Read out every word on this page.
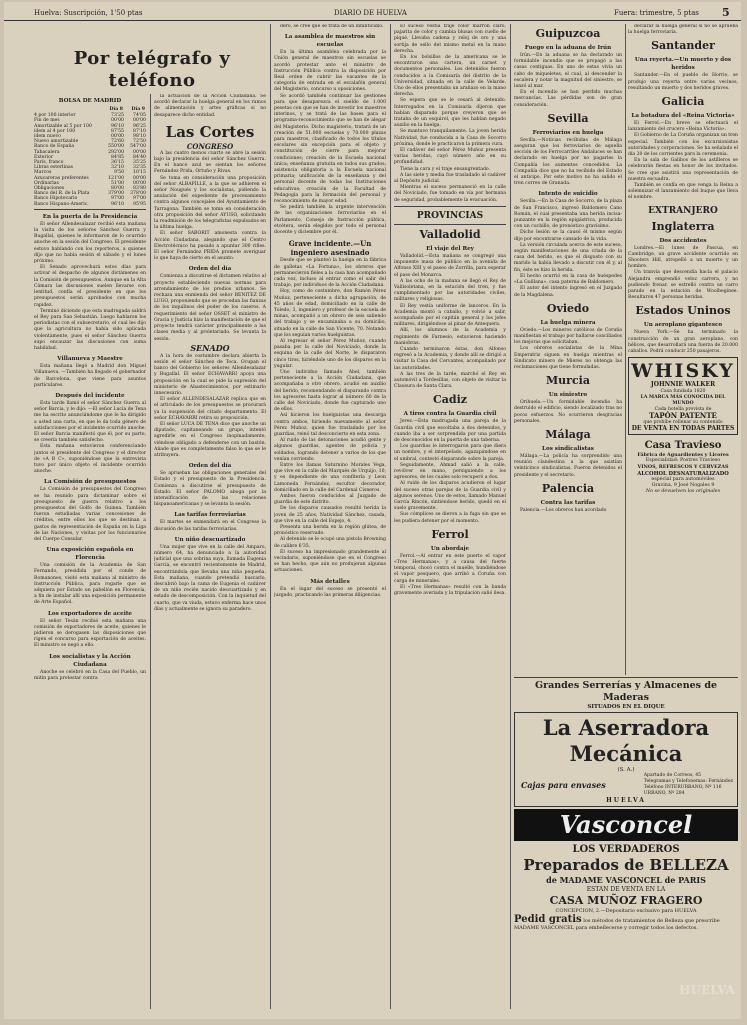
Huelva: Suscripción, 1'50 ptas	DIARIO DE HUELVA	Fuera: trimestre, 5 ptas 5
Por telégrafo y teléfono
BOLSA DE MADRID
	Día 8	Día 9
4 por 100 interior	73'25	74'05
Fin de mes	00'00	00'00
Amortizable al 5 por 100	96'10	96'25
ídem al 4 por 100	87'55	87'10
ídem nuevo	00'00	98'10
Nuevo amortizable	72'60	72'50
Banco de España	550'00	547'00
Tabacalera	292'00	00'00
Exterior	84'85	84'40
París, franco	36'15	35'25
Libras esterlinas	32'10	32'35
Marcos	9'50	10'15
Azucareras preferentes	121'00	00'00
Ordinarias	51'00	00'00
Obligaciones	80'00	83'80
Banco del R. de la Plata	379'00	378'00
Banco Hipotecario	97'00	97'00
Banco Hispano-Americ.	96'10	95'95
En la puerta de la Presidencia

El señor Allendesalazar recibió esta mañana la visita de los señores Sánchez Guerra y Bugallal, quienes le informaron de lo ocurrido anoche en la sesión del Congreso. El presidente estuvo hablando con los reporteros, a quienes dijo que no había sesión el sábado y el lunes próximo.

El Senado aprovechará estos días para activar el despacho de algunos dictámenes en la Comisión de presupuestos. Aunque en la Alta Cámara las discusiones suelen llevarse con lentitud, confía el presidente en que los presupuestos serán aprobados con mucha rapidez.

Terminó diciendo que esta madrugada saldrá el Rey para San Sebastián. Luego hablaron los periodistas con el subsecretario, el cual les dijo que la agricultura no había sido aplicada violentamente, pues el señor Sánchez Guerra supo encauzar las discusiones con suma habilidad.

Villanueva y Maestre

Esta mañana llegó a Madrid don Miguel Villanueva. —También ha llegado el gobernador de Barcelona, que viene para asuntos particulares.

Después del incidente

Esta tarde llamó el señor Sánchez Guerra al señor Barcia, y le dijo: —El señor Lucía de Tena me ha escrito anunciándome que le ha dirigido a usted una carta, en que le da toda género de satisfacciones por el incidente ocurrido anoche. El señor Barcia manifestó que él, por su parte, se creería también satisfecho.

Esta mañana estuvieron conferenciando juntos el presidente del Congreso y el director de «A B C», suponiéndose que la entrevista tuvo por único objeto el incidente ocurrido anoche.

La Comisión de presupuestos

La Comisión de presupuestos del Congreso se ha reunido para dictaminar sobre el presupuesto de guerra relativo a los presupuestos del Golfo de Guinea. También fueron estudiadas varias concesiones de créditos, entre ellos los que se destinan a gastos de representación de España en la Liga de las Naciones, y visitas por los funcionarios del Cuerpo Consular.

Una exposición española en Florencia

Una comisión de la Academia de San Fernando, presidida por el conde de Romanones, visitó esta mañana al ministro de Instrucción Pública, para rogarle que se adquiera por Estado un pabellón en Florencia, a fin de instalar allí una exposición permanente de Arte Español.

Los exportadores de aceite

El señor Tesán recibió esta mañana una comisión de exportadores de aceite, quienes le pidieron se derogasen las disposiciones que rigen el concurso para exportación de aceites. El ministro se negó a ello.

Los socialistas y la Acción Ciudadana

Anoche se celebró en la Casa del Pueblo, un mitin para protestar contra

la actuación de la Acción Ciudadana. Se acordó declarar la huelga general en los ramos de alimentación y artes gráficas si no desaparece dicho entidad.

Las Cortes
CONGRESO

A las cuatro menos cuarto se abre la sesión bajo la presidencia del señor Sánchez Guerra. En el banco azul se sientan los señores Fernández Prida, Ortuño y Rivas.

Se toma en consideración una proposición del señor ALBAPILLE, a la que se adhieren el señor Nougués y los socialistas, pidiendo la anulación del expediente de procesamiento contra algunos concejales del Ayuntamiento de Tarragona. También se toma en consideración otra proposición del señor AYUSO, solicitando la readmisión de los telegrafistas expulsados en la última huelga.

El señor SABORIT amonesta contra la Acción Ciudadana, alegando que el Centro Electrotécnico ha pasado a apuntar 300 rifles. El señor Fernández PRIDA promete averiguar lo que haya de cierto en el asunto.

Orden del día

Comienza a discutirse el dictamen relativo al proyecto estableciendo nuevas normas para arrendamiento de los predios urbanos. Se rechaza una enmienda del señor BENITEZ DE LUGO, proponiendo que se procedan las fianzas de los inquilinos del poder de los caseros. A requerimiento del señor OSSET el ministro de Gracia y Justicia hizo la manifestación de que el proyecto tendrá carácter principalmente a las clases media y al proletariado. Se levanta la sesión.

SENADO

A la hora de costumbre declara abierta la sesión el señor Sánchez de Toca. Ocupan el banco del Gobierno los señores Allendesalazar y Bugallal. El señor ECHAVARRI apoya una proposición en la cual se pide la supresión del ministerio de Abastecimientos, por estimarlo innecesario.

El señor ALLENDESALAZAR replica que en el articulado de los presupuestos se procurará ya la suspensión del citado departamento. El señor ECHAVARRI retira su proposición.

El señor LUCA DE TENA dice que anoche un diputado, capitaneando un grupo, intentó agredirle en el Congreso inopinadamente, viéndose obligado a defenderse con un bastón. Añade que es completamente falso lo que se le atribuyera.

Orden del día

Se aprueban las obligaciones generales del Estado y el presupuesto de la Presidencia. Comienza a discutirse el presupuesto de Estado. El señor PALOMO aboga por la intensificación de las relaciones hispanoamericanas y se levanta la sesión.

Las tarifas ferroviarias

El martes se enmendará en el Congreso la discusión de las tarifas ferroviarias.

Un niño descuartizado

Una mujer que vive en la calle del Amparo, número 64, ha denunciado a la autoridad judicial que una sobrina suya, llamada Eugenia García, se encontró recientemente de Madrid, encontrándola que llevaba una niña pequeña. Esta mañana, cuando pretendió buscarlo, descubrió bajo la cama de Eugenia el cadáver de un niño recién nacido descuartizado y en estado de descomposición. Con la inquietud del cuarto, que va viuda, estuvo enferma hace unos días y actualmente se ignora su paradero.

dero, se cree que se trata de un infanticidio.

La asamblea de maestros sin escuelas

En la última asamblea celebrada por la Unión general de maestros sin escuelas se acordó protestar ante el ministro de Instrucción Pública contra la disposición por Real orden de cubrir las vacantes de la categoría de entrada en el escalafón general del Magisterio, concurso u oposiciones.

Se acordó también continuar las gestiones para que desaparezca el sueldo de 1.000 pesetas con que se han de investir los maestros interinos, y se tratá de las bases para el programa-reconocimiento que se han de alegar del Magisterio. Dicho magisterio, tratará de un creación de 51.000 escuelas y 70.000 plazas para maestros, clasificado de todos los títulos escolares sin excepción para el objeto y constitución de cierre para mejorar condiciones; creación de la Escuela nacional única; enseñanza gratuita en todos sus grados; asistencia obligatoria a la Escuela nacional primaria; unificación de la enseñanza y del personal docente de todas las Instituciones educativas; creación de la Facultad de Pedagogía para la formación del personal y reconocimiento de mayor edad.

Se pedirá también la urgente intervención de las organizaciones ferroviarias en el Parlamento, Consejo de Instrucción pública, etcétera, serán elegidos por todo el personal docente y diciembre por él.

Grave incidente.—Un ingeniero asesinado

Desde que se planteó la huelga en la fábrica de galletas «La Fortuna», los obreros que permanecieron fieles a la casa han acompañado cada vez, incluso al entrar como el salir del trabajo, por individuos de la Acción Ciudadana.

Hoy, como de costumbre, don Ramón Pérez Muñoz, perteneciente a dicha agrupación, de 45 años de edad, domiciliado en la calle de Toledo, 3, ingeniero y profesor de la escuela de minas, acompañó a un obrero de seis saliendo del trabajo y se encaminaba a su domicilio, situado en la calle de San Vicente, 70. Notando que los seguían varios huelguistas.

Al regresar el señor Pérez Muñoz, cuando pasaba por la calle del Noviciado, donde la esquina de la calle del Norte, le dispararon cinco tiros, hiriéndole uno de los disparos en la yugular.

Uno individuo llamado Abel, también perteneciente a la Acción Ciudadana, que acompañaba a otro obrero, acudió en auxilio del herido, recomendando el disparando contra los agresores hasta lograr al número 60 de la calle del Noviciado, donde fue capturado uno de ellos.

Así hicieron los huelguistas una descarga contra ambos, hiriendo nuevamente al señor Pérez Muñoz, quien fue trasladado por los guardias, reinó tal desconcierto en esta zona.

Al ruido de las detonaciones acudió gente y algunos guardias, agentes de policía y soldados, logrando detener a varios de los que venían corriendo.

Entre los llamas Saturnino Morales Vega, que vive en la calle del Marqués de Urquijo, 10, y es dependiente de una confitería y Leon Lamoneda Fernández, escultor decorador, domiciliado en la calle del Cardenal Cisneros.

Ambos fueron conducidos al Juzgado de guardia de este distrito.

De los disparos causados resultó herida la joven de 25 años, Natividad Sánchez, casada, que vive en la calle del Espejo, 4.

Presenta una herida en la región glútea, de pronóstico reservado.

Al detenido se le ocupó una pistola Browning de calibre 6'35.

El suceso ha impresionado grandemente al vecindario, suponiéndose que en el Congreso se han hecho, que aún no produjeran algunas actuaciones.

Más detalles

En el lugar del suceso se presentó el juzgado, practicando las primeras diligencias.

El suceso vestía traje color marrón claro, pajarita de color y cambia blusas con cuello de piqué. Llevaba cadena y reloj de oro y una sortija de sello del mismo metal en la mano derecha.

En los bolsillos de la americana se le encontraron una cartera, un carnet y documentos personales. Los detenidos fueron conducidos a la Comisaría del distrito de la Universidad, situada en la calle de Velarde. Uno de ellos presentaba un arañazo en la mano derecha.

Se espera que se le cesará al detenido. Interrogados en la Comisaría dijeron que habían disparado porque creyeron que se trataba de un esquirol, que les habían negado auxilio en la huelga.

Se mantuvo tranquilamente. La joven herida Natividad, fue conducida a la Casa de Socorro próxima, donde le practicaron la primera cura.

El cadáver del señor Pérez Muñoz presenta varias heridas, cayó número año en su profundidad.

Tiene la cara y el traje ensangrentado.

A las siete y media fue trasladado al cadáver al Depósito judicial.

Mientras el suceso permaneció en la calle del Noviciado, fue tomado en vía por hermana de seguridad, probablemente la evacuación.

PROVINCIAS
Valladolid
El viaje del Rey

Valladolid.—Esta mañana se congregó una imponente masa de público en la avenida de Alfonso XIII y el paseo de Zorrilla, para esperar el paso del Monarca.

A las ocho de la mañana se llegó el Rey de Vallisoletana, en la estación del tren, y fue cumplimentado por las autoridades civiles, militares y religiosas.

El Rey vestía uniforme de lanceros. En la Academia montó a caballo, y volvió a salir, acompañado por el capitán general y los jefes militares, dirigiéndose al pinar de Antequera.

Allí, los alumnos de la Academia y regimiento de Farnesio, estuvieron haciendo maniobras.

Cuando terminaron éstas, don Alfonso regresó a la Academia, y donde allí se dirigió a visitar la Casa del Cervantes, acompañado por las autoridades.

A las tres de la tarde, marchó el Rey en automóvil a Tordesillas, con objeto de visitar la Clausura de Santa Clara.

Cadiz
A tiros contra la Guardia civil

Jerez.—Esta madrugada una pareja de la Guardia civil que escoltaba a dos detenidos, y cuando iba a ser sorprendida por una partida de desconocidos en la puerta de una taberna.

Los guardias le interrogaron para que diera un nombre, y el interpelado, agazapándose en el umbral, contestó disparando sobre la pareja.

Seguidamente, Ahmad salió a la calle, revólver en mano, persiguiendo a los agresores, de los cuales solo recuperó a dos.

Al ruido de los disparos acudieron el lugar del suceso otras parejas de la Guardia civil y algunos serenos. Uno de estos, llamado Manuel García Rincón, sintiéndose herido, quedó en el suelo gravemente.

Sus cómplices se dieron a la fuga sin que se les pudiera detener por el momento.

Ferrol
Un abordaje

Ferrol.—Al entrar en este puerto el vapor «Tres Hermanas», y a causa del fuerte temporal, chocó contra el muelle, hundiéndose el vapor pesquero, que arribó a Coruña con carga de minerales.

El «Tres Hermanas» resultó con la banda gravemente averiada y la tripulación salió ilesa.

Guipuzcoa
Fuego en la aduana de Irún

Irún.—En la aduana se ha declarado un formidable incendio que se propagó a las casas contiguas. En uno de estas vivía un cabo de miqueletes, el cual, al descender la escalera y notar la magnitud del siniestro, se lanzó al mar.

En el incendio se han perdido muchas mercancías. Las pérdidas son de gran consideración.

Sevilla
Ferroviarios en huelga

Sevilla.—Noticias recibidas de Málaga aseguran que los ferroviarios de aquella sección de los Ferrocarriles Andaluces se han declarado en huelga por no pagarles la Compañía los aumentos concedidos. La Compañía dice que no ha recibido del Estado el anticipo. Por este motivo no ha salido el tren correo de Granada.

Intento de suicidio

Sevilla.—En la Casa de Socorro, de la plaza de San Francisco, ingresó Baldomero Cano Román, el cual presentaba una herida incisa-punzante en la región epigástrica, producida con un cuchillo, de pronóstico gravísimo.

Dicho lesión se la causó él mismo según dijo por encontrarse cansado de la vida.

La versión circulada acerca de este suceso, según manifestaciones de una criada de la casa del herido, es que el disgusto con su marido la había llevado a discutir con él y, al fin, éste se hizo la herida.

El hecho ocurrió en la casa de huéspedes «La Guillana», casa paterna de Baldomero.

El autor del intento ingresó en el Juzgado de la Magdalena.

Oviedo
La huelga minera

Oviedo.—Los mineros católicos de Coruña manifiestan el trabajo por hallarse conciliados los mejoras que solicitaban.

Los obreros socialistas de la Mina Emperatriz siguen en huelga mientras el Sindicato minero de Mieres no obtenga las reclamaciones que tiene formuladas.

Murcia
Un siniestro

Orihuela.—Un formidable incendio ha destruido el edificio, siendo localizado tras no pocos esfuerzos. No ocurrieron desgracias personales.

Málaga
Los sindicalistas

Málaga.—La policía ha sorprendido una reunión clandestina a la que asistían veinticinco sindicalistas. Fueron detenidos el presidente y el secretario.

Palencia
Contra las tarifas

Palencia.—Los obreros han acordado

declarar la huelga general si no se aprueba la huelga ferroviaria.

Santander
Una reyerta.—Un muerto y dos heridos

Santander.—En el pueblo de Horrio, se produjo una reyerta entre varios vecinos, resultando un muerto y dos heridos graves.

Galicia
La botadura del «Reina Victoria»

El Ferrol.—En breve se efectuará el lanzamiento del crucero «Reina Victoria».

El Gobierno de La Coruña organizan un tren especial. También con los excursionistas autoridades y corporaciones. Se ha señalado el día 20 de los corrientes para la ceremonia.

En la sala de Galibos de los astilleros se celebrarán fiestas en honor de los invitados. Se cree que asistirá una representación de nuestra escuadra.

También se confía en que venga la Reina a solemnizar el lanzamiento del buque que lleva el nombre.

EXTRANJERO
Inglaterra
Dos accidentes

Londres.—El lunes de Pascua, en Cambridge, un grave accidente ocurrido en Shooters Hill, atropelló a un muerto y un hombre.

Un tranvía que descendía hacia el palacio Alejandra emprendió veloz carrera, y no pudiendo frenar, se estrelló contra un carro parado en la estación de Woolbeginee. Resultaron 47 personas heridas.

Estados Uninos
Un aeroplano gigantesco

Nueva York.—Se ha terminado la construcción de un gran aeroplano, con hélices, que desarrollará una fuerza de 20.000 caballos. Podrá conducir 250 pasajeros.

WHISKY
JOHNNIE WALKER
Casa fundada 1820
LA MARCA MÁS CONOCIDA DEL MUNDO
Cada botella provista de
TAPÓN PATENTE
que prohíbe rellenar su contenido
DE VENTA EN TODAS PARTES
Casa Travieso
Fábrica de Aguardientes y Licores
Especialidad: Postres Travieso
VINOS, REFRESCOS Y CERVEZAS
ALCOHOL DESNATURALIZADO
especial para automóviles
Gravina, 9 José Nogales 9
No se devuelven los originales
Grandes Serrerías y Almacenes de Maderas
SITUADOS EN EL DIQUE
La Aserradora Mecánica
(S. A.)
Cajas para envases
Apartado de Correos, 45
Telegramas y Telefonemas: Fernández
Teléfono INTERURBANO, Nº 116
URBANO, Nº 284
HUELVA
Vasconcel
LOS VERDADEROS
Preparados de BELLEZA
de MADAME VASCONCEL de PARIS
ESTAN DE VENTA EN LA
CASA MUÑOZ FRAGERO
CONCEPCION, 2.—Depositario exclusivo para HUELVA
Pedid gratis los métodos de tratamientos de Belleza que prescribe MADAME VASCONCEL para embellecerse y corregir todos los defectos.
HUELVA
